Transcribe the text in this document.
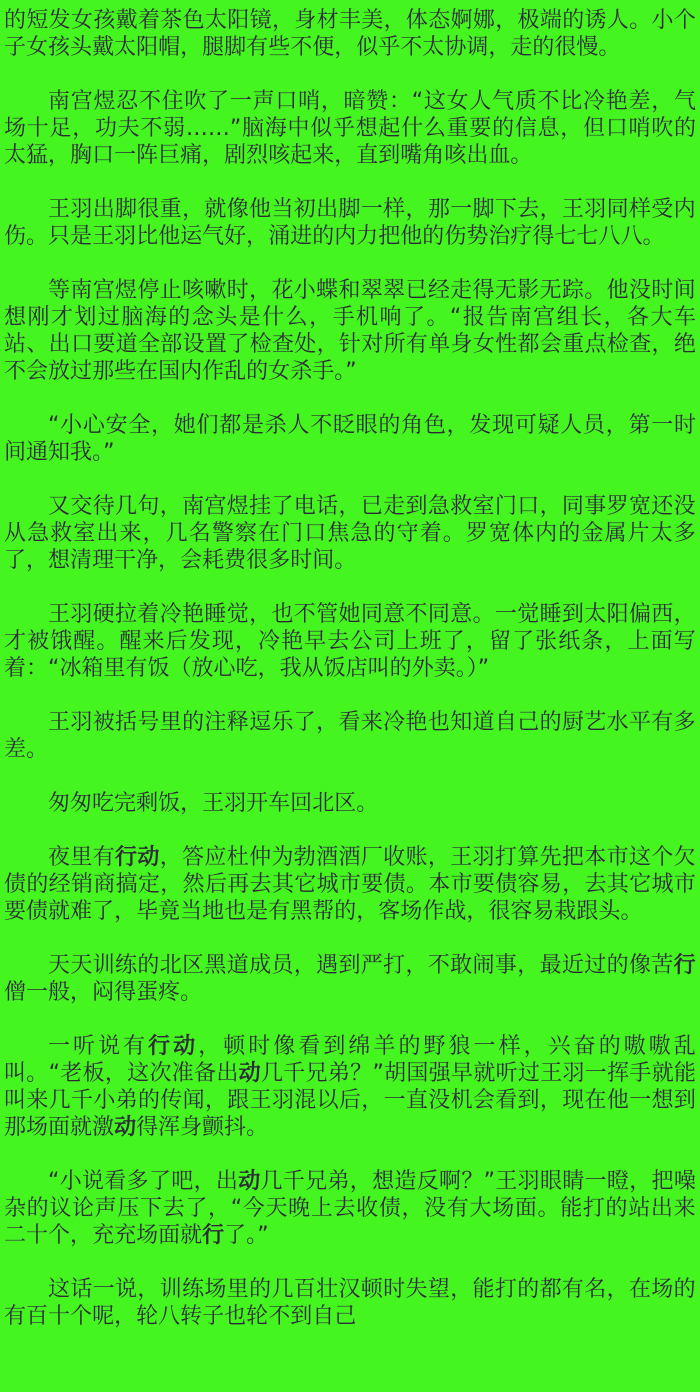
的短发女孩戴着茶色太阳镜，身材丰美，体态婀娜，极端的诱人。小个子女孩头戴太阳帽，腿脚有些不便，似乎不太协调，走的很慢。

南宫煜忍不住吹了一声口哨，暗赞：“这女人气质不比冷艳差，气场十足，功夫不弱……”脑海中似乎想起什么重要的信息，但口哨吹的太猛，胸口一阵巨痛，剧烈咳起来，直到嘴角咳出血。

王羽出脚很重，就像他当初出脚一样，那一脚下去，王羽同样受内伤。只是王羽比他运气好，涌进的内力把他的伤势治疗得七七八八。

等南宫煜停止咳嗽时，花小蝶和翠翠已经走得无影无踪。他没时间想刚才划过脑海的念头是什么，手机响了。“报告南宫组长，各大车站、出口要道全部设置了检查处，针对所有单身女性都会重点检查，绝不会放过那些在国内作乱的女杀手。”

“小心安全，她们都是杀人不眨眼的角色，发现可疑人员，第一时间通知我。”

又交待几句，南宫煜挂了电话，已走到急救室门口，同事罗宽还没从急救室出来，几名警察在门口焦急的守着。罗宽体内的金属片太多了，想清理干净，会耗费很多时间。

王羽硬拉着冷艳睡觉，也不管她同意不同意。一觉睡到太阳偏西，才被饿醒。醒来后发现，冷艳早去公司上班了，留了张纸条，上面写着：“冰箱里有饭（放心吃，我从饭店叫的外卖。）”

王羽被括号里的注释逗乐了，看来冷艳也知道自己的厨艺水平有多差。

匆匆吃完剩饭，王羽开车回北区。

夜里有行动，答应杜仲为勃酒酒厂收账，王羽打算先把本市这个欠债的经销商搞定，然后再去其它城市要债。本市要债容易，去其它城市要债就难了，毕竟当地也是有黑帮的，客场作战，很容易栽跟头。

天天训练的北区黑道成员，遇到严打，不敢闹事，最近过的像苦行僧一般，闷得蛋疼。

一听说有行动，顿时像看到绵羊的野狼一样，兴奋的嗷嗷乱叫。“老板，这次准备出动几千兄弟？”胡国强早就听过王羽一挥手就能叫来几千小弟的传闻，跟王羽混以后，一直没机会看到，现在他一想到那场面就激动得浑身颤抖。

“小说看多了吧，出动几千兄弟，想造反啊？”王羽眼睛一瞪，把噪杂的议论声压下去了，“今天晚上去收债，没有大场面。能打的站出来二十个，充充场面就行了。”

这话一说，训练场里的几百壮汉顿时失望，能打的都有名，在场的有百十个呢，轮八转子也轮不到自己
